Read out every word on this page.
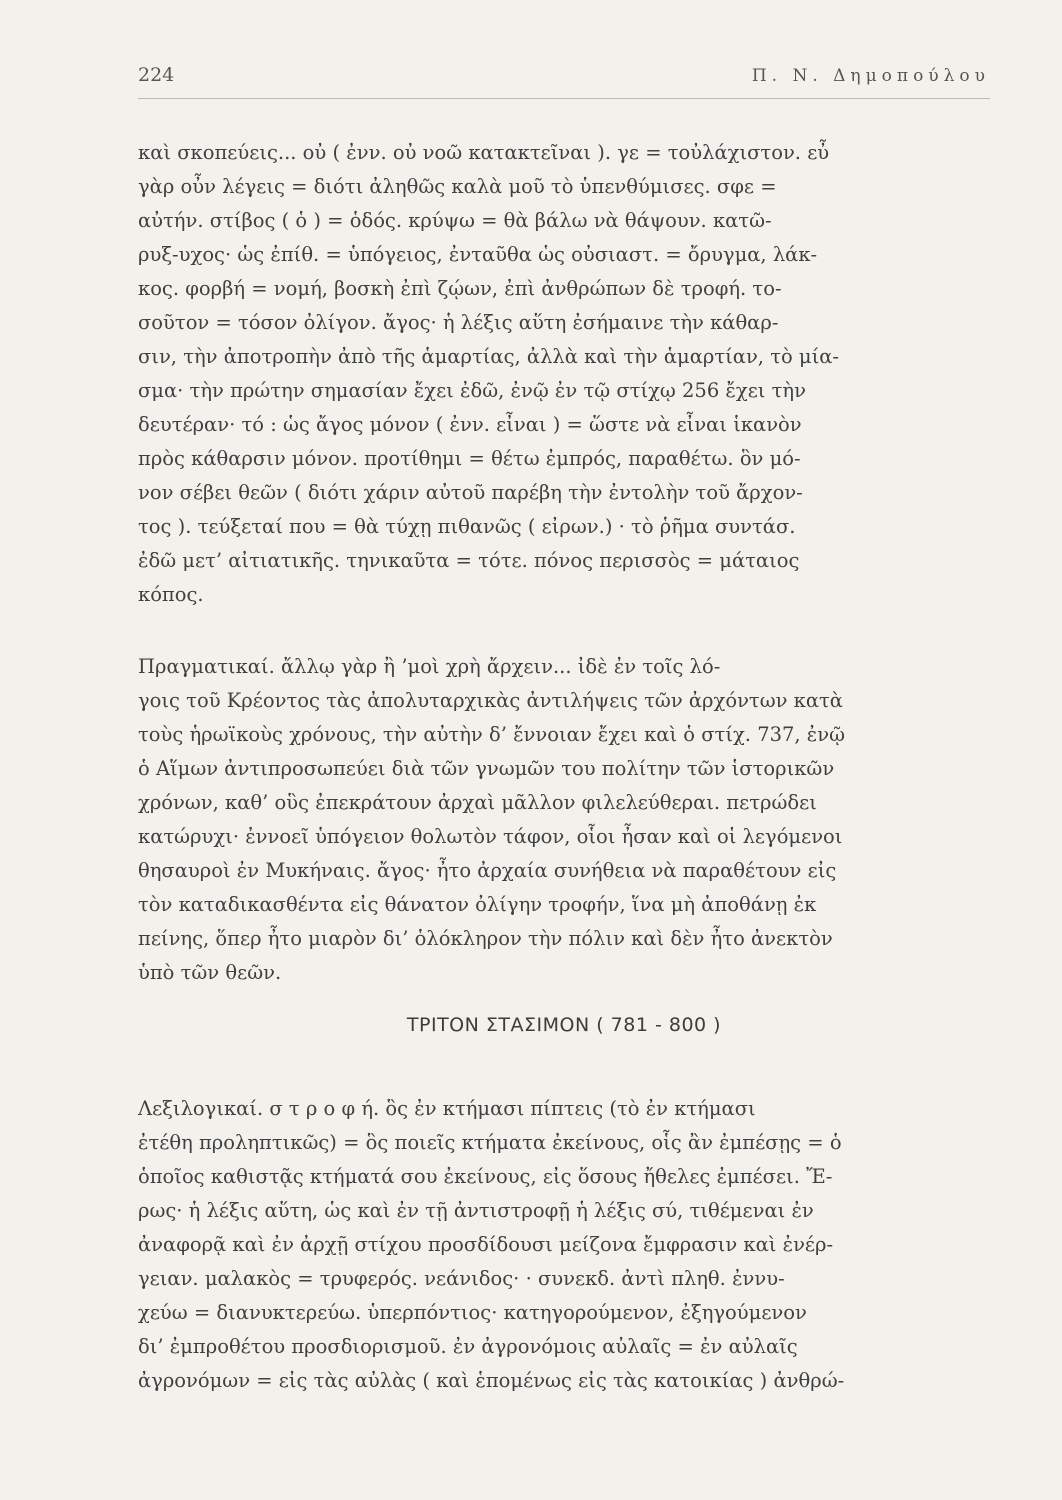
224	Π. Ν. Δημοπούλου
καὶ σκοπεύεις... οὐ ( ἐνν. οὐ νοῶ κατακτεῖναι ). γε = τοὐλάχιστον. εὖ
γὰρ οὖν λέγεις = διότι ἀληθῶς καλὰ μοῦ τὸ ὑπενθύμισες. σφε =
αὐτήν. στίβος ( ὁ ) = ὁδός. κρύψω = θὰ βάλω νὰ θάψουν. κατῶ-
ρυξ-υχος· ὡς ἐπίθ. = ὑπόγειος, ἐνταῦθα ὡς οὐσιαστ. = ὄρυγμα, λάκ-
κος. φορβή = νομή, βοσκὴ ἐπὶ ζῴων, ἐπὶ ἀνθρώπων δὲ τροφή. το-
σοῦτον = τόσον ὀλίγον. ἄγος· ἡ λέξις αὕτη ἐσήμαινε τὴν κάθαρ-
σιν, τὴν ἀποτροπὴν ἀπὸ τῆς ἁμαρτίας, ἀλλὰ καὶ τὴν ἁμαρτίαν, τὸ μία-
σμα· τὴν πρώτην σημασίαν ἔχει ἐδῶ, ἐνῷ ἐν τῷ στίχῳ 256 ἔχει τὴν
δευτέραν· τό : ὡς ἄγος μόνον ( ἐνν. εἶναι ) = ὥστε νὰ εἶναι ἱκανὸν
πρὸς κάθαρσιν μόνον. προτίθημι = θέτω ἐμπρός, παραθέτω. ὃν μό-
νον σέβει θεῶν ( διότι χάριν αὐτοῦ παρέβη τὴν ἐντολὴν τοῦ ἄρχον-
τος ). τεύξεταί που = θὰ τύχῃ πιθανῶς ( εἰρων.) · τὸ ῥῆμα συντάσ.
ἐδῶ μετ’ αἰτιατικῆς. τηνικαῦτα = τότε. πόνος περισσὸς = μάταιος
κόπος.
Πραγματικαί. ἄλλῳ γὰρ ἢ ’μοὶ χρὴ ἄρχειν... ἰδὲ ἐν τοῖς λό-
γοις τοῦ Κρέοντος τὰς ἀπολυταρχικὰς ἀντιλήψεις τῶν ἀρχόντων κατὰ
τοὺς ἡρωϊκοὺς χρόνους, τὴν αὐτὴν δ’ ἔννοιαν ἔχει καὶ ὁ στίχ. 737, ἐνῷ
ὁ Αἵμων ἀντιπροσωπεύει διὰ τῶν γνωμῶν του πολίτην τῶν ἱστορικῶν
χρόνων, καθ’ οὓς ἐπεκράτουν ἀρχαὶ μᾶλλον φιλελεύθεραι. πετρώδει
κατώρυχι· ἐννοεῖ ὑπόγειον θολωτὸν τάφον, οἷοι ἦσαν καὶ οἱ λεγόμενοι
θησαυροὶ ἐν Μυκήναις. ἄγος· ἦτο ἀρχαία συνήθεια νὰ παραθέτουν εἰς
τὸν καταδικασθέντα εἰς θάνατον ὀλίγην τροφήν, ἵνα μὴ ἀποθάνῃ ἐκ
πείνης, ὅπερ ἦτο μιαρὸν δι’ ὁλόκληρον τὴν πόλιν καὶ δὲν ἦτο ἀνεκτὸν
ὑπὸ τῶν θεῶν.
ΤΡΙΤΟΝ ΣΤΑΣΙΜΟΝ ( 781 - 800 )
Λεξιλογικαί. σ τ ρ ο φ ή. ὃς ἐν κτήμασι πίπτεις (τὸ ἐν κτήμασι
ἐτέθη προληπτικῶς) = ὃς ποιεῖς κτήματα ἐκείνους, οἷς ἂν ἐμπέσῃς = ὁ
ὁποῖος καθιστᾷς κτήματά σου ἐκείνους, εἰς ὅσους ἤθελες ἐμπέσει. Ἔ-
ρως· ἡ λέξις αὕτη, ὡς καὶ ἐν τῇ ἀντιστροφῇ ἡ λέξις σύ, τιθέμεναι ἐν
ἀναφορᾷ καὶ ἐν ἀρχῇ στίχου προσδίδουσι μείζονα ἔμφρασιν καὶ ἐνέρ-
γειαν. μαλακὸς = τρυφερός. νεάνιδος· · συνεκδ. ἀντὶ πληθ. ἐννυ-
χεύω = διανυκτερεύω. ὑπερπόντιος· κατηγορούμενον, ἐξηγούμενον
δι’ ἐμπροθέτου προσδιορισμοῦ. ἐν ἀγρονόμοις αὐλαῖς = ἐν αὐλαῖς
ἀγρονόμων = εἰς τὰς αὐλὰς ( καὶ ἑπομένως εἰς τὰς κατοικίας ) ἀνθρώ-
